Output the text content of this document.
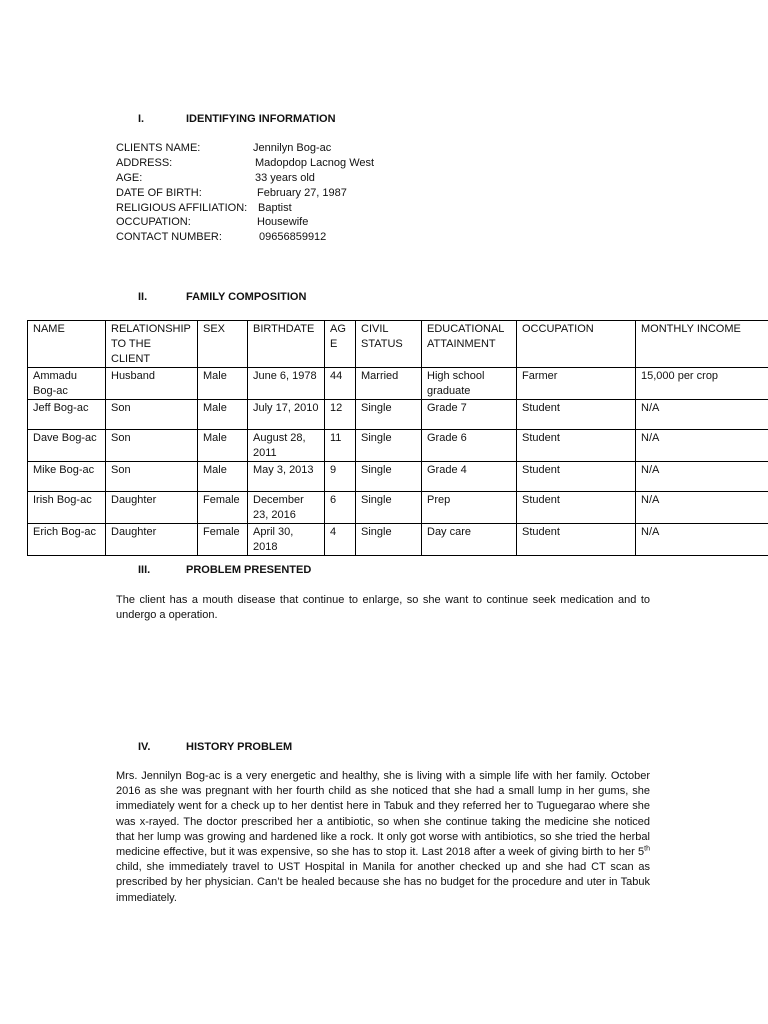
I.	IDENTIFYING INFORMATION
CLIENTS NAME:	Jennilyn Bog-ac
ADDRESS:	Madopdop Lacnog West
AGE:	33 years old
DATE OF BIRTH:	February 27, 1987
RELIGIOUS AFFILIATION: Baptist
OCCUPATION:	Housewife
CONTACT NUMBER:	09656859912
II.	FAMILY COMPOSITION
NAME	RELATIONSHIP TO THE CLIENT	SEX	BIRTHDATE	AGE	CIVIL STATUS	EDUCATIONAL ATTAINMENT	OCCUPATION	MONTHLY INCOME
Ammadu Bog-ac	Husband	Male	June 6, 1978	44	Married	High school graduate	Farmer	15,000 per crop
Jeff Bog-ac	Son	Male	July 17, 2010	12	Single	Grade 7	Student	N/A
Dave Bog-ac	Son	Male	August 28, 2011	11	Single	Grade 6	Student	N/A
Mike Bog-ac	Son	Male	May 3, 2013	9	Single	Grade 4	Student	N/A
Irish Bog-ac	Daughter	Female	December 23, 2016	6	Single	Prep	Student	N/A
Erich Bog-ac	Daughter	Female	April 30, 2018	4	Single	Day care	Student	N/A
III.	PROBLEM PRESENTED
The client has a mouth disease that continue to enlarge, so she want to continue seek medication and to undergo a operation.
IV.	HISTORY PROBLEM
Mrs. Jennilyn Bog-ac is a very energetic and healthy, she is living with a simple life with her family. October 2016 as she was pregnant with her fourth child as she noticed that she had a small lump in her gums, she immediately went for a check up to her dentist here in Tabuk and they referred her to Tuguegarao where she was x-rayed. The doctor prescribed her a antibiotic, so when she continue taking the medicine she noticed that her lump was growing and hardened like a rock. It only got worse with antibiotics, so she tried the herbal medicine effective, but it was expensive, so she has to stop it. Last 2018 after a week of giving birth to her 5th child, she immediately travel to UST Hospital in Manila for another checked up and she had CT scan as prescribed by her physician. Can’t be healed because she has no budget for the procedure and uter in Tabuk immediately.
